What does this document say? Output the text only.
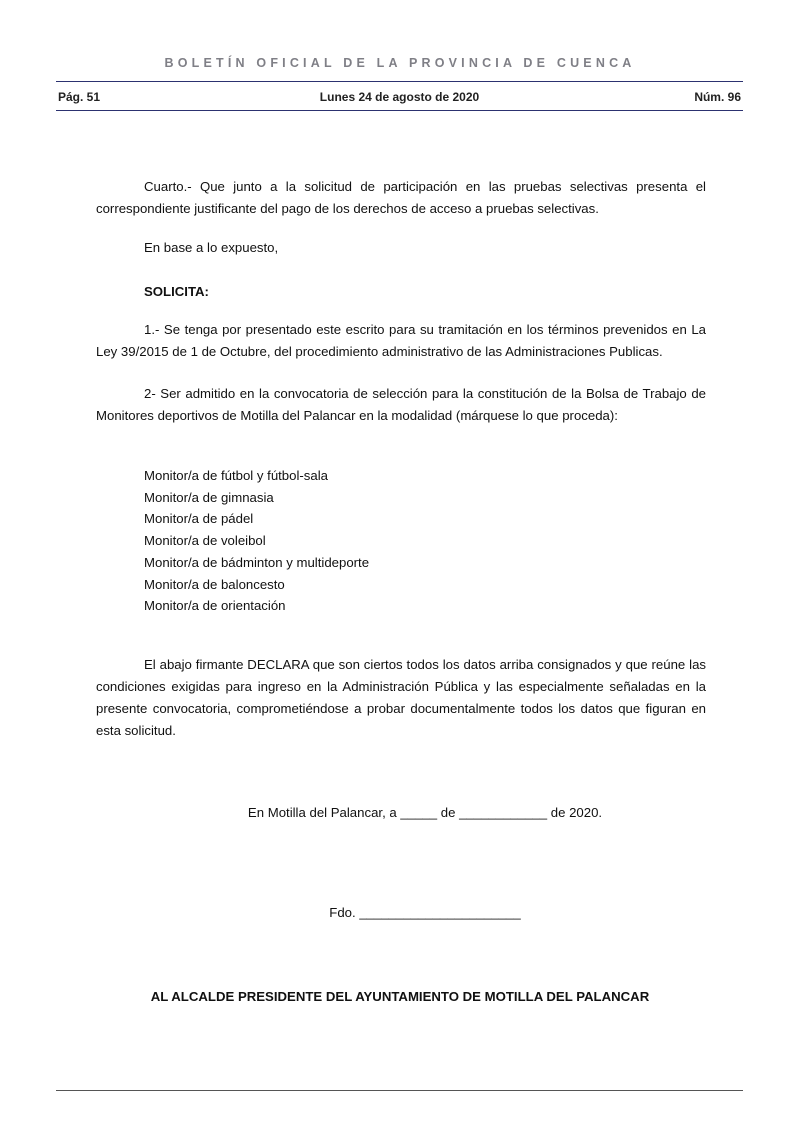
BOLETÍN OFICIAL DE LA PROVINCIA DE CUENCA
Pág. 51	Lunes 24 de agosto de 2020	Núm. 96

Cuarto.- Que junto a la solicitud de participación en las pruebas selectivas presenta el correspondiente justificante del pago de los derechos de acceso a pruebas selectivas.

En base a lo expuesto,

SOLICITA:

1.- Se tenga por presentado este escrito para su tramitación en los términos prevenidos en La Ley 39/2015 de 1 de Octubre, del procedimiento administrativo de las Administraciones Publicas.

2- Ser admitido en la convocatoria de selección para la constitución de la Bolsa de Trabajo de Monitores deportivos de Motilla del Palancar en la modalidad (márquese lo que proceda):

Monitor/a de fútbol y fútbol-sala
Monitor/a de gimnasia
Monitor/a de pádel
Monitor/a de voleibol
Monitor/a de bádminton y multideporte
Monitor/a de baloncesto
Monitor/a de orientación

El abajo firmante DECLARA que son ciertos todos los datos arriba consignados y que reúne las condiciones exigidas para ingreso en la Administración Pública y las especialmente señaladas en la presente convocatoria, comprometiéndose a probar documentalmente todos los datos que figuran en esta solicitud.

En Motilla del Palancar, a _____ de ____________ de 2020.
Fdo. ______________________
AL ALCALDE PRESIDENTE DEL AYUNTAMIENTO DE MOTILLA DEL PALANCAR
